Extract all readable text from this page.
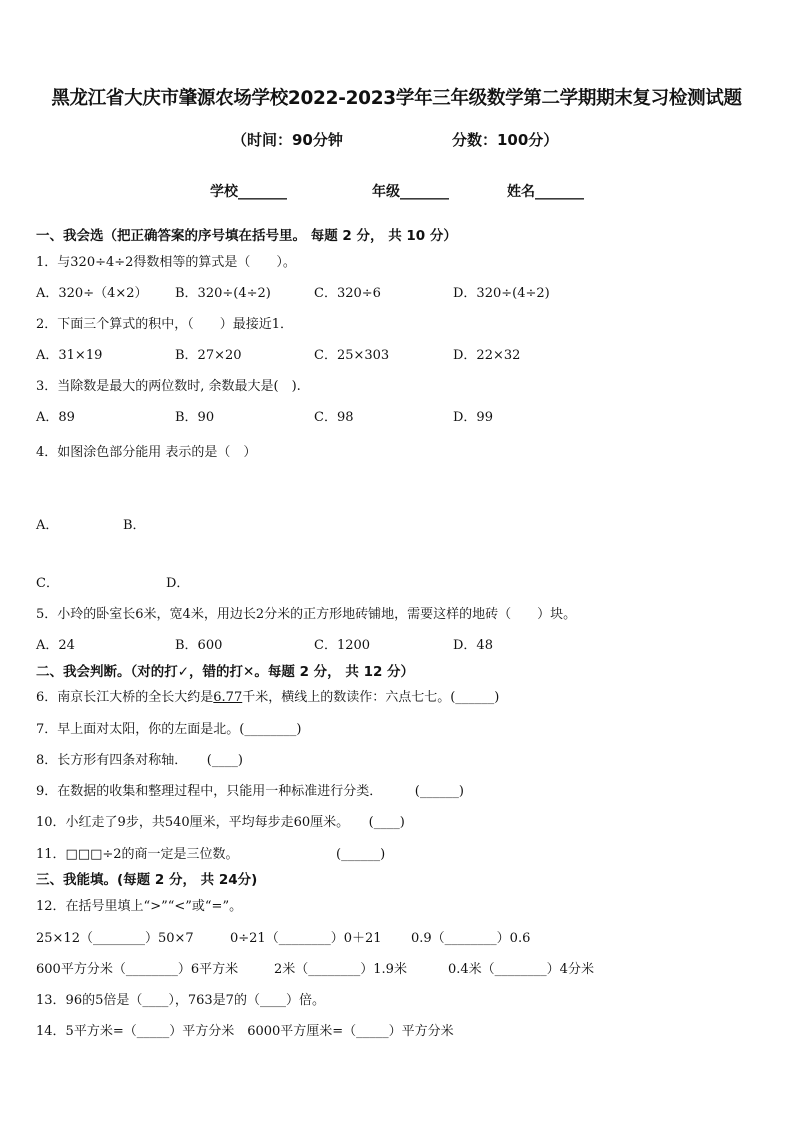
黑龙江省大庆市肇源农场学校2022-2023学年三年级数学第二学期期末复习检测试题
（时间：90分钟	分数：100分）
学校_______	年级_______	姓名_______
一、我会选（把正确答案的序号填在括号里。 每题 2 分， 共 10 分）
1．与320÷4÷2得数相等的算式是（　　）。
A．320÷（4×2） B．320÷(4÷2)	C．320÷6	D．320÷(4÷2)
2．下面三个算式的积中，（　　）最接近1．
A．31×19	B．27×20	C．25×303	D．22×32
3．当除数是最大的两位数时, 余数最大是(　).
A．89	B．90	C．98	D．99
4．如图涂色部分能用 表示的是（　）
A．	B．
C．	D．
5．小玲的卧室长6米，宽4米，用边长2分米的正方形地砖铺地，需要这样的地砖（　　）块。
A．24	B．600	C．1200	D．48
二、我会判断。（对的打✓，错的打✕。每题 2 分， 共 12 分）
6．南京长江大桥的全长大约是6.77千米，横线上的数读作：六点七七。(______)
7．早上面对太阳，你的左面是北。(________)
8．长方形有四条对称轴．　　(____)
9．在数据的收集和整理过程中，只能用一种标准进行分类．　　　(______)
10．小红走了9步，共540厘米，平均每步走60厘米。　　(____)
11．□□□÷2的商一定是三位数。　　　　　　　　(______)
三、我能填。(每题 2 分， 共 24分)
12．在括号里填上“>”“<”或“=”。
25×12（________）50×7	0÷21（________）0＋21 0.9（________）0.6
600平方分米（________）6平方米	2米（________）1.9米	0.4米（________）4分米
13．96的5倍是（____），763是7的（____）倍。
14．5平方米=（_____）平方分米　6000平方厘米=（_____）平方分米
